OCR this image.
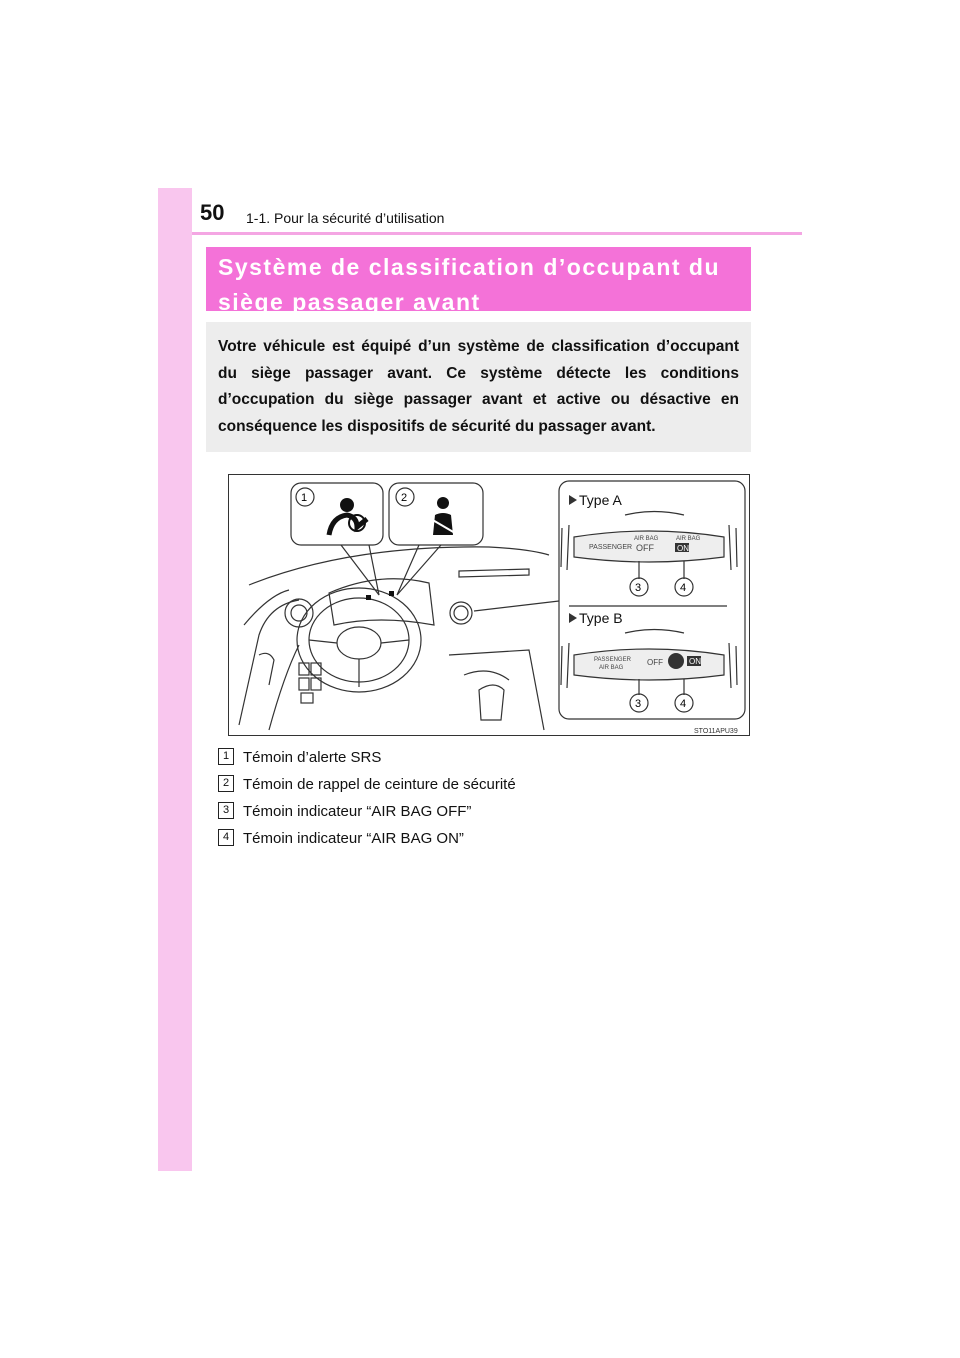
50 1-1. Pour la sécurité d’utilisation
Système de classification d’occupant du
siège passager avant

Votre véhicule est équipé d’un système de classification d’occupant du siège passager avant. Ce système détecte les conditions d’occupation du siège passager avant et active ou désactive en conséquence les dispositifs de sécurité du passager avant.

Type A
Type B
PASSENGER
AIR BAG
OFF
AIR BAG
ON
PASSENGER
AIR BAG
OFF	ON
1	2
3	4
3	4
STO11APU39
1 Témoin d’alerte SRS
2 Témoin de rappel de ceinture de sécurité
3 Témoin indicateur “AIR BAG OFF”
4 Témoin indicateur “AIR BAG ON”
